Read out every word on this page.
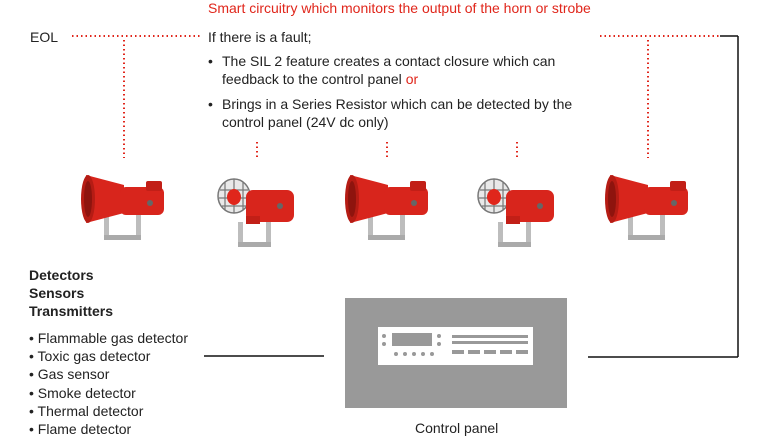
Smart circuitry which monitors the output of the horn or strobe
EOL	If there is a fault;
• The SIL 2 feature creates a contact closure which can feedback to the control panel or
• Brings in a Series Resistor which can be detected by the control panel (24V dc only)
Detectors
Sensors
Transmitters
• Flammable gas detector
• Toxic gas detector
• Gas sensor
• Smoke detector
• Thermal detector
• Flame detector	Control panel
